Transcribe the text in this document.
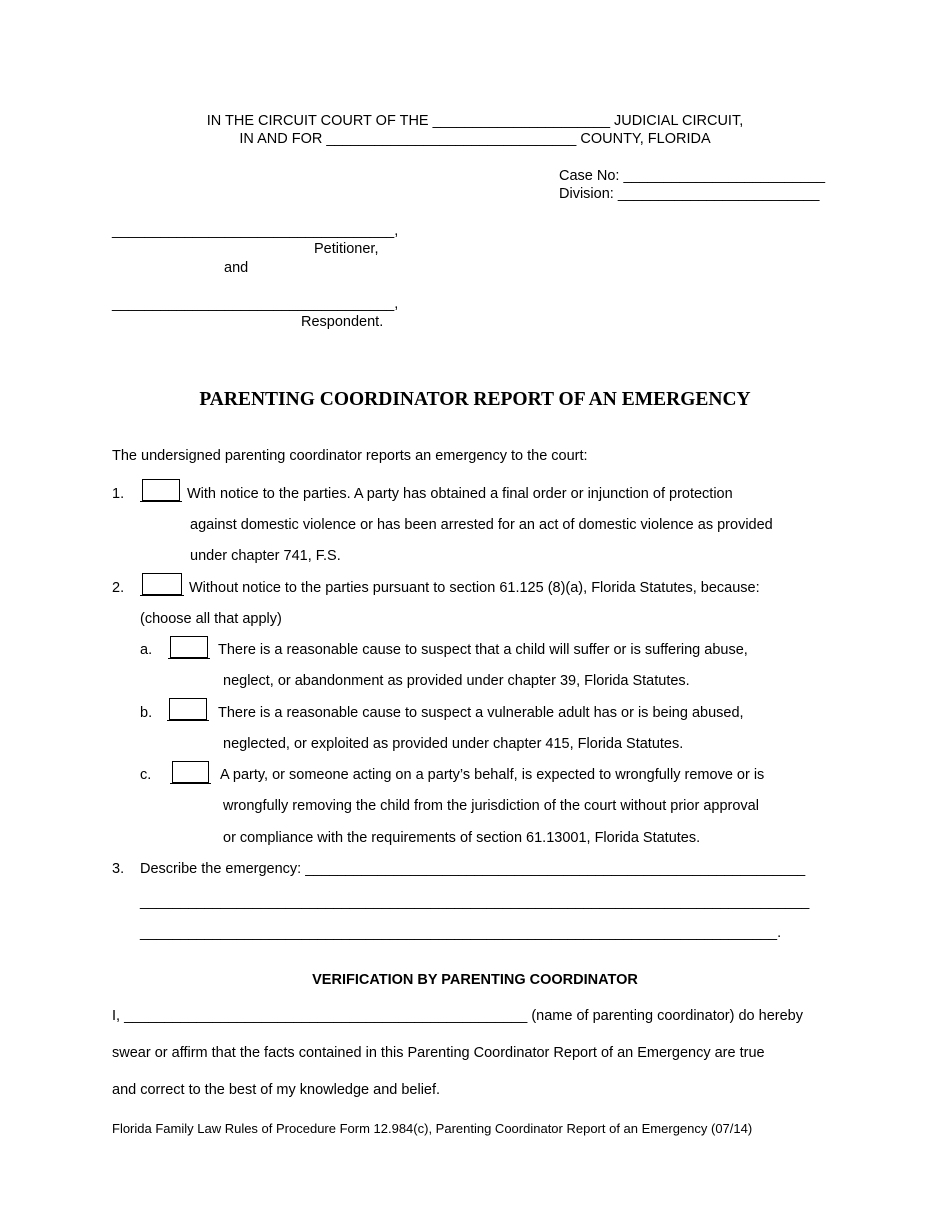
IN THE CIRCUIT COURT OF THE ______________________ JUDICIAL CIRCUIT,
IN AND FOR _______________________________ COUNTY, FLORIDA
Case No: _________________________
Division: _________________________
___________________________________,
Petitioner,
and
___________________________________,
Respondent.
PARENTING COORDINATOR REPORT OF AN EMERGENCY
The undersigned parenting coordinator reports an emergency to the court:
1.	With notice to the parties. A party has obtained a final order or injunction of protection
against domestic violence or has been arrested for an act of domestic violence as provided
under chapter 741, F.S.
2.	Without notice to the parties pursuant to section 61.125 (8)(a), Florida Statutes, because:
(choose all that apply)
a.	There is a reasonable cause to suspect that a child will suffer or is suffering abuse,
neglect, or abandonment as provided under chapter 39, Florida Statutes.
b.	There is a reasonable cause to suspect a vulnerable adult has or is being abused,
neglected, or exploited as provided under chapter 415, Florida Statutes.
c.	A party, or someone acting on a party’s behalf, is expected to wrongfully remove or is
wrongfully removing the child from the jurisdiction of the court without prior approval
or compliance with the requirements of section 61.13001, Florida Statutes.
3. Describe the emergency: ______________________________________________________________
___________________________________________________________________________________
_______________________________________________________________________________.
VERIFICATION BY PARENTING COORDINATOR
I, __________________________________________________ (name of parenting coordinator) do hereby
swear or affirm that the facts contained in this Parenting Coordinator Report of an Emergency are true
and correct to the best of my knowledge and belief.
Florida Family Law Rules of Procedure Form 12.984(c), Parenting Coordinator Report of an Emergency (07/14)
